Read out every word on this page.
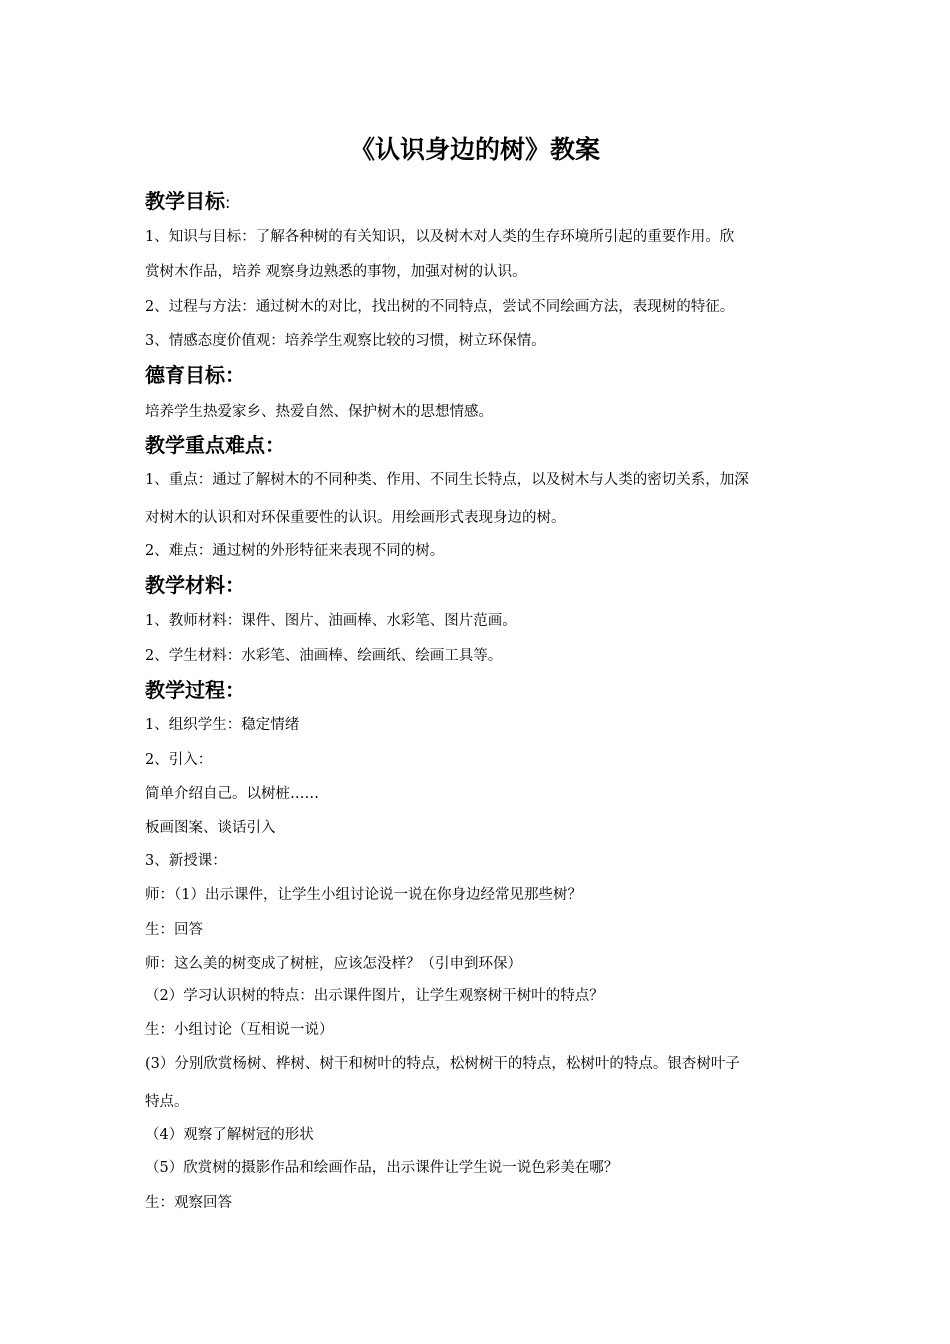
《认识身边的树》教案
教学目标:
1、知识与目标：了解各种树的有关知识，以及树木对人类的生存环境所引起的重要作用。欣
赏树木作品，培养 观察身边熟悉的事物，加强对树的认识。
2、过程与方法：通过树木的对比，找出树的不同特点，尝试不同绘画方法，表现树的特征。
3、情感态度价值观：培养学生观察比较的习惯，树立环保情。
德育目标：
培养学生热爱家乡、热爱自然、保护树木的思想情感。
教学重点难点：
1、重点：通过了解树木的不同种类、作用、不同生长特点，以及树木与人类的密切关系，加深
对树木的认识和对环保重要性的认识。用绘画形式表现身边的树。
2、难点：通过树的外形特征来表现不同的树。
教学材料：
1、教师材料：课件、图片、油画棒、水彩笔、图片范画。
2、学生材料：水彩笔、油画棒、绘画纸、绘画工具等。
教学过程：
1、组织学生：稳定情绪
2、引入：
简单介绍自己。以树桩……
板画图案、谈话引入
3、新授课：
师：（1）出示课件，让学生小组讨论说一说在你身边经常见那些树？
生：回答
师：这么美的树变成了树桩，应该怎没样？（引申到环保）
（2）学习认识树的特点：出示课件图片，让学生观察树干树叶的特点？
生：小组讨论（互相说一说）
(3）分别欣赏杨树、桦树、树干和树叶的特点，松树树干的特点，松树叶的特点。银杏树叶子
特点。
（4）观察了解树冠的形状
（5）欣赏树的摄影作品和绘画作品，出示课件让学生说一说色彩美在哪？
生：观察回答
